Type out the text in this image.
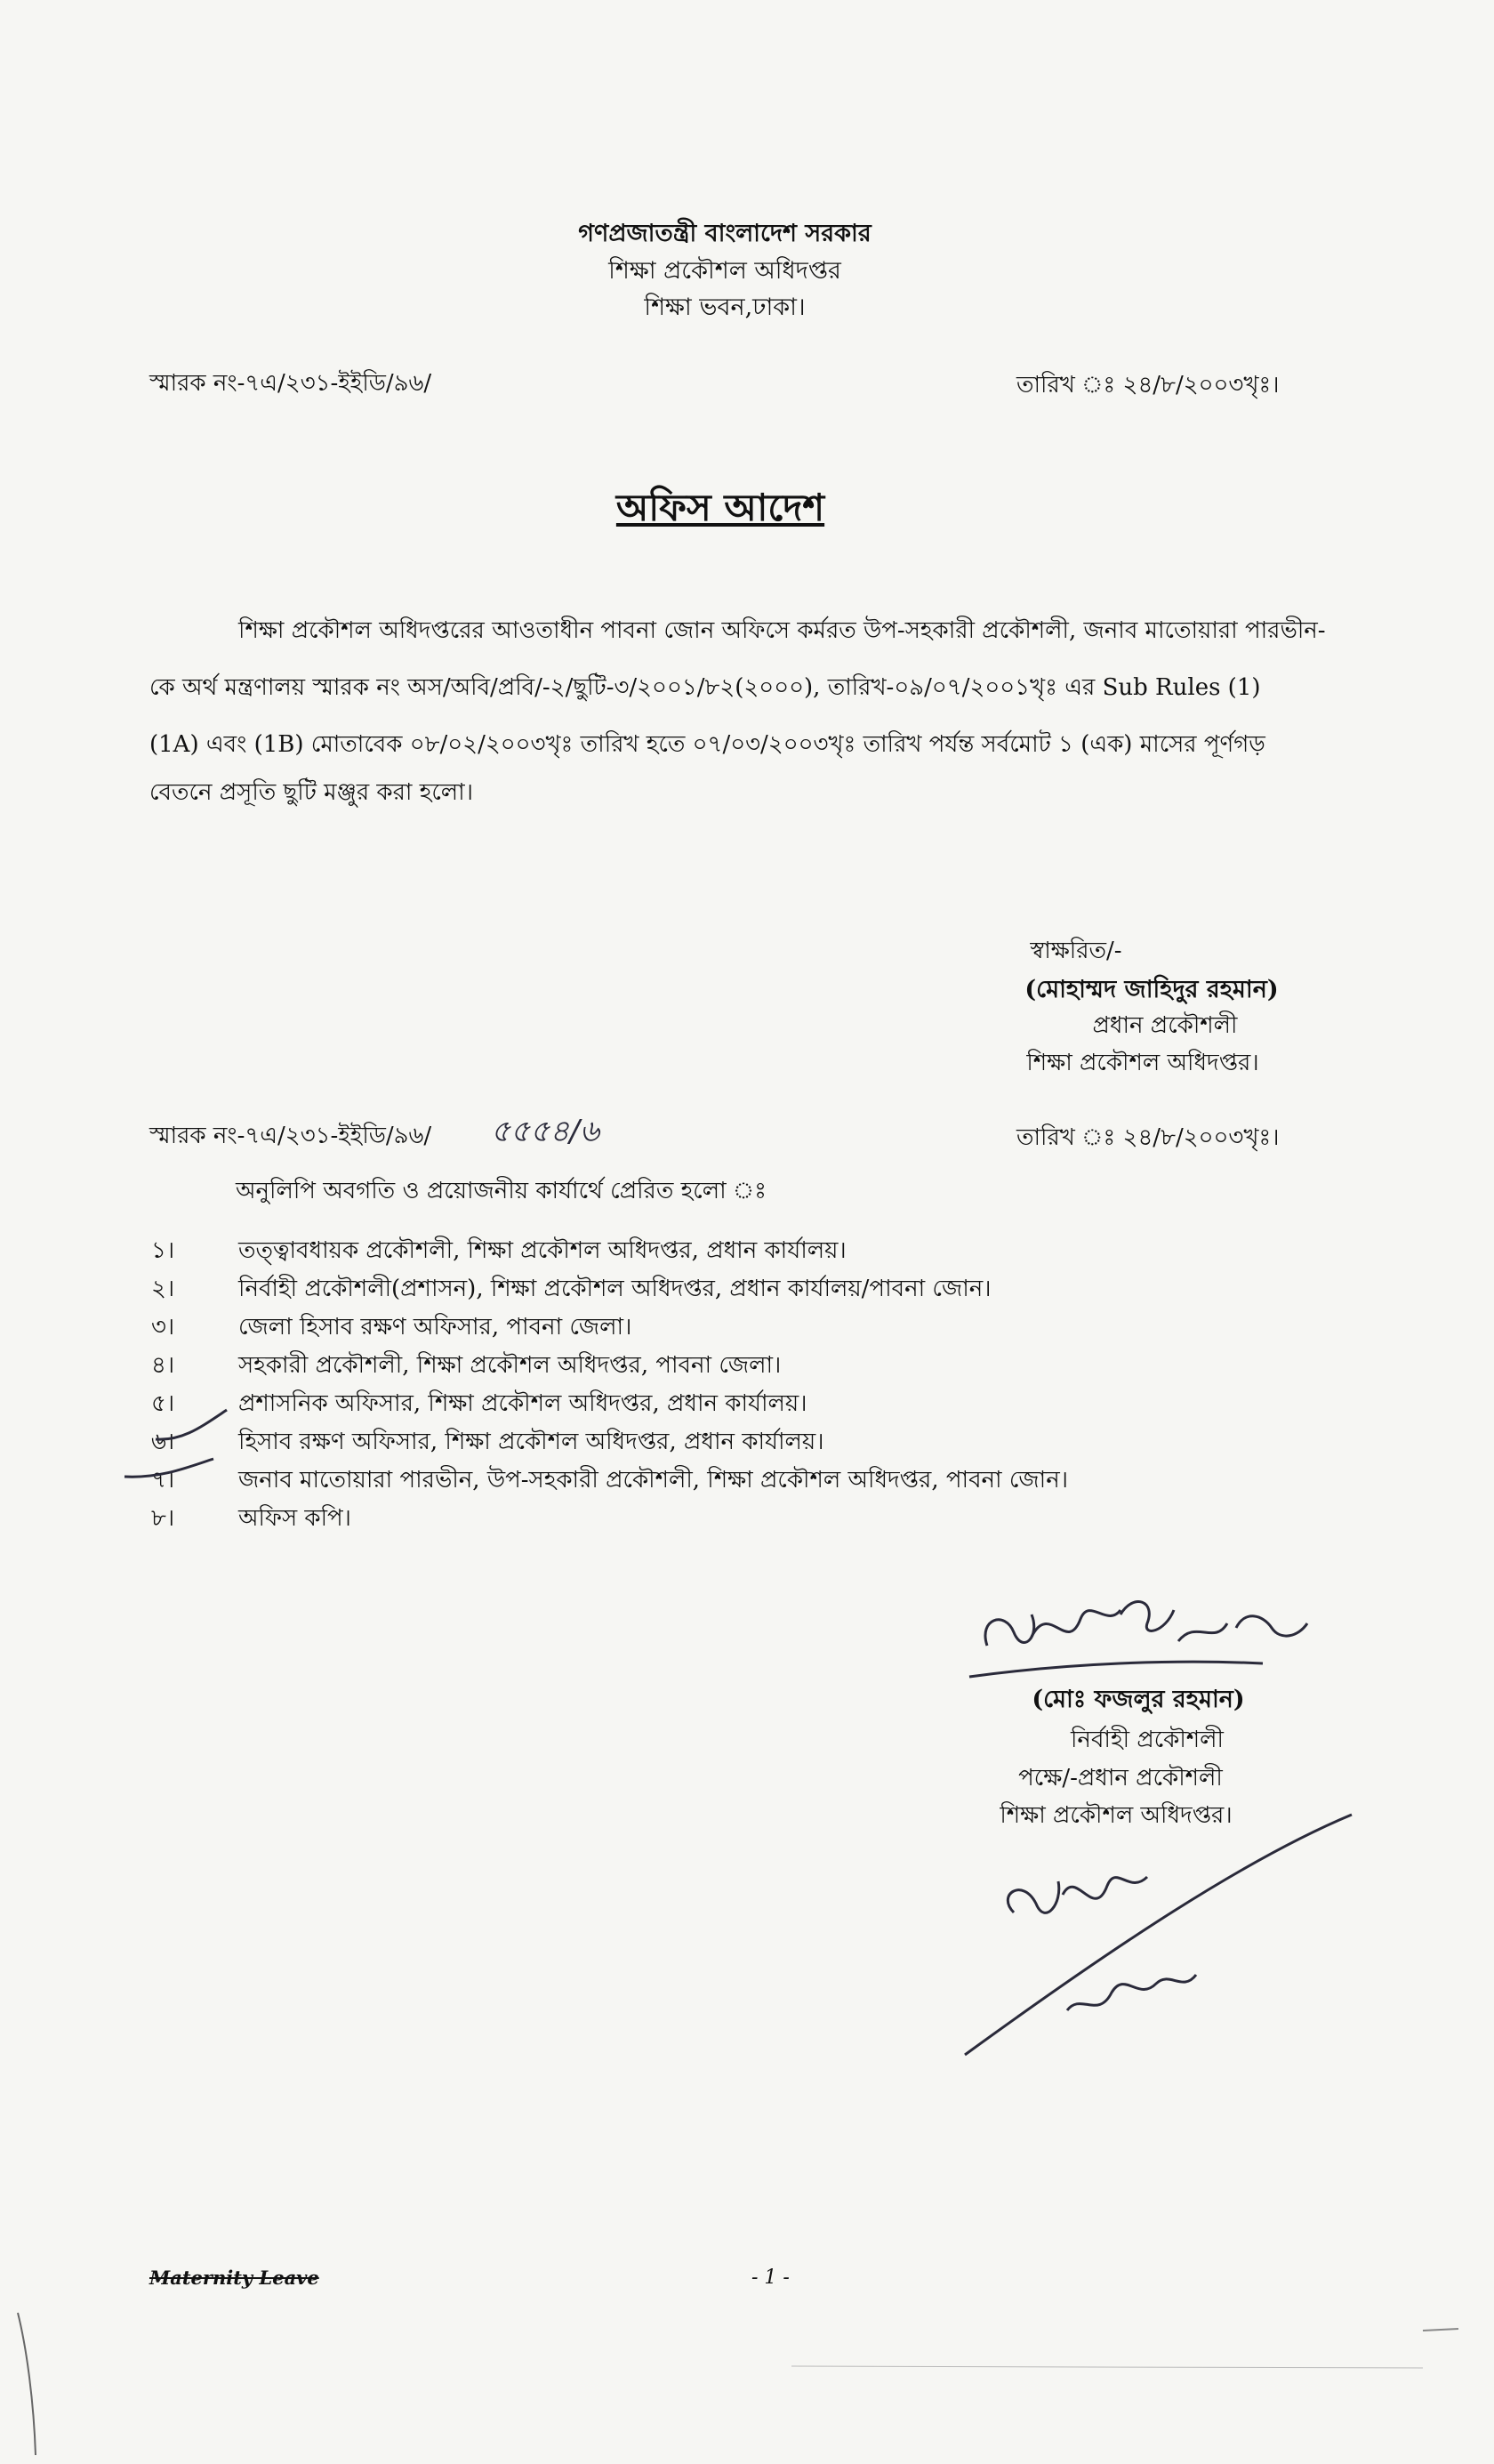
গণপ্রজাতন্ত্রী বাংলাদেশ সরকার
শিক্ষা প্রকৌশল অধিদপ্তর
শিক্ষা ভবন,ঢাকা।
স্মারক নং-৭এ/২৩১-ইইডি/৯৬/	তারিখ ঃ ২৪/৮/২০০৩খৃঃ।
অফিস আদেশ
শিক্ষা প্রকৌশল অধিদপ্তরের আওতাধীন পাবনা জোন অফিসে কর্মরত উপ-সহকারী প্রকৌশলী, জনাব মাতোয়ারা পারভীন-
কে অর্থ মন্ত্রণালয় স্মারক নং অস/অবি/প্রবি/-২/ছুটি-৩/২০০১/৮২(২০০০), তারিখ-০৯/০৭/২০০১খৃঃ এর Sub Rules (1)
(1A) এবং (1B) মোতাবেক ০৮/০২/২০০৩খৃঃ তারিখ হতে ০৭/০৩/২০০৩খৃঃ তারিখ পর্যন্ত সর্বমোট ১ (এক) মাসের পূর্ণগড়
বেতনে প্রসূতি ছুটি মঞ্জুর করা হলো।
স্বাক্ষরিত/-
(মোহাম্মদ জাহিদুর রহমান)
প্রধান প্রকৌশলী
শিক্ষা প্রকৌশল অধিদপ্তর।
স্মারক নং-৭এ/২৩১-ইইডি/৯৬/ ৫৫৫৪/৬	তারিখ ঃ ২৪/৮/২০০৩খৃঃ।
অনুলিপি অবগতি ও প্রয়োজনীয় কার্যার্থে প্রেরিত হলো ঃ
১।	তত্ত্বাবধায়ক প্রকৌশলী, শিক্ষা প্রকৌশল অধিদপ্তর, প্রধান কার্যালয়।
২।	নির্বাহী প্রকৌশলী(প্রশাসন), শিক্ষা প্রকৌশল অধিদপ্তর, প্রধান কার্যালয়/পাবনা জোন।
৩।	জেলা হিসাব রক্ষণ অফিসার, পাবনা জেলা।
৪।	সহকারী প্রকৌশলী, শিক্ষা প্রকৌশল অধিদপ্তর, পাবনা জেলা।
৫।	প্রশাসনিক অফিসার, শিক্ষা প্রকৌশল অধিদপ্তর, প্রধান কার্যালয়।
৬।	হিসাব রক্ষণ অফিসার, শিক্ষা প্রকৌশল অধিদপ্তর, প্রধান কার্যালয়।
৭।	জনাব মাতোয়ারা পারভীন, উপ-সহকারী প্রকৌশলী, শিক্ষা প্রকৌশল অধিদপ্তর, পাবনা জোন।
৮।	অফিস কপি।
(মোঃ ফজলুর রহমান)
নির্বাহী প্রকৌশলী
পক্ষে/-প্রধান প্রকৌশলী
শিক্ষা প্রকৌশল অধিদপ্তর।
Maternity Leave	- 1 -
